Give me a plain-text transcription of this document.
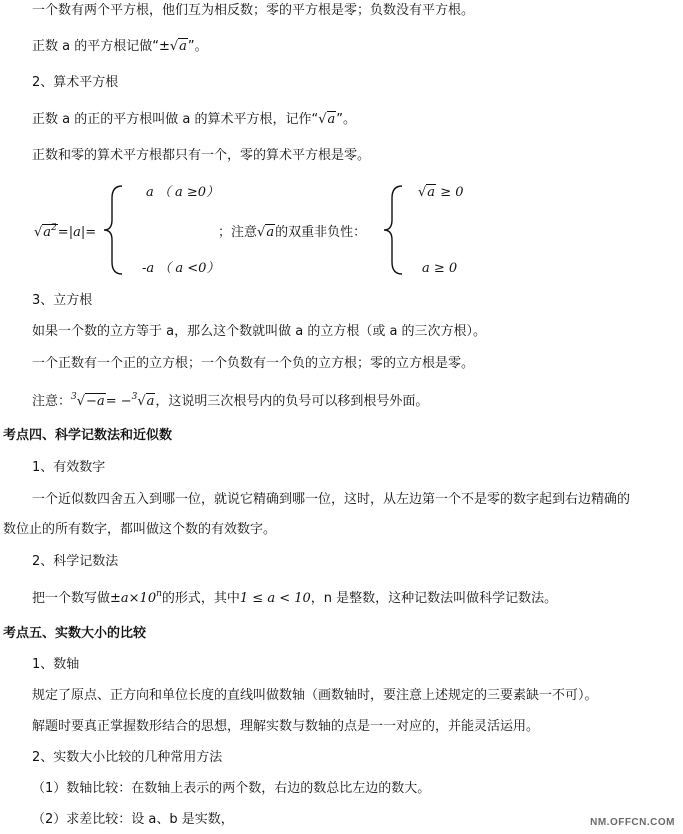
一个数有两个平方根，他们互为相反数；零的平方根是零；负数没有平方根。
正数 a 的平方根记做“±√a”。
2、算术平方根
正数 a 的正的平方根叫做 a 的算术平方根，记作“√a”。
正数和零的算术平方根都只有一个，零的算术平方根是零。
$√a^2=|a|=$
a （ a ≥0）
-a （ a <0）
；注意√a的双重非负性：
√a ≥ 0
a ≥ 0
3、立方根
如果一个数的立方等于 a，那么这个数就叫做 a 的立方根（或 a 的三次方根）。
一个正数有一个正的立方根；一个负数有一个负的立方根；零的立方根是零。
注意：$^3$√−a= −$^3$√a，这说明三次根号内的负号可以移到根号外面。
考点四、科学记数法和近似数
1、有效数字
一个近似数四舍五入到哪一位，就说它精确到哪一位，这时，从左边第一个不是零的数字起到右边精确的
数位止的所有数字，都叫做这个数的有效数字。
2、科学记数法
把一个数写做$\pm a\times 10^n$的形式，其中1 ≤ a < 10，n 是整数，这种记数法叫做科学记数法。
考点五、实数大小的比较
1、数轴
规定了原点、正方向和单位长度的直线叫做数轴（画数轴时，要注意上述规定的三要素缺一不可）。
解题时要真正掌握数形结合的思想，理解实数与数轴的点是一一对应的，并能灵活运用。
2、实数大小比较的几种常用方法
（1）数轴比较：在数轴上表示的两个数，右边的数总比左边的数大。
（2）求差比较：设 a、b 是实数，	NM.OFFCN.COM
